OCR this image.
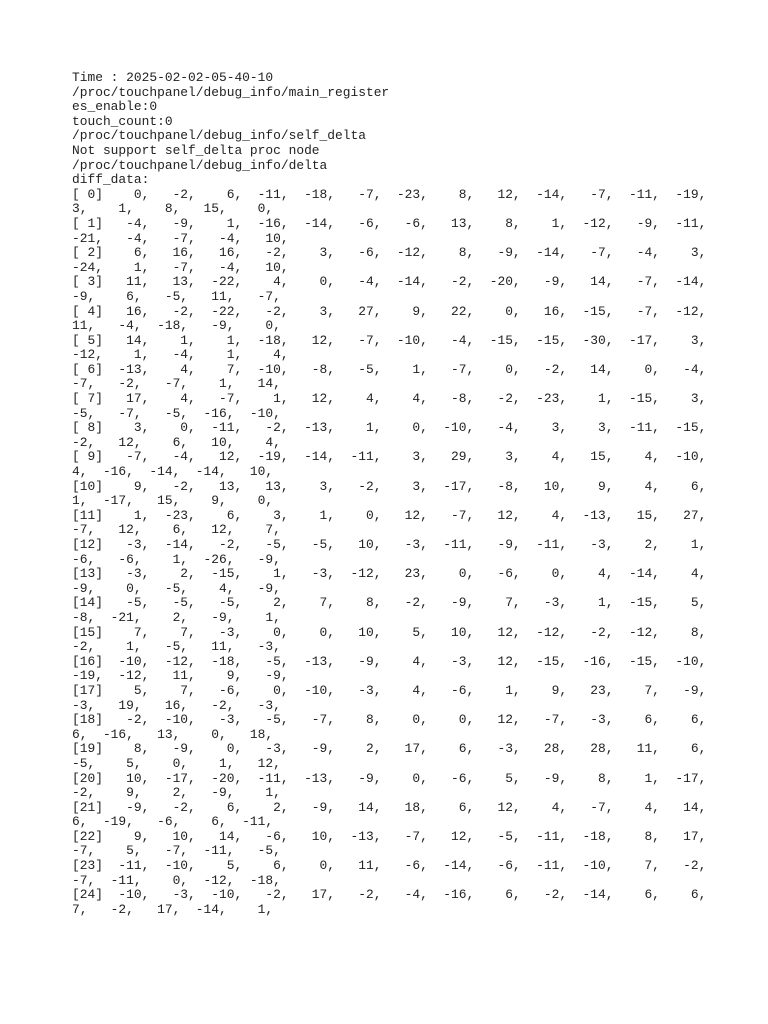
Time : 2025-02-02-05-40-10
/proc/touchpanel/debug_info/main_register
es_enable:0
touch_count:0
/proc/touchpanel/debug_info/self_delta
Not support self_delta proc node
/proc/touchpanel/debug_info/delta
diff_data:
[ 0]    0,   -2,    6,  -11,  -18,   -7,  -23,    8,   12,  -14,   -7,  -11,  -19,
3,    1,    8,   15,    0,
[ 1]   -4,   -9,    1,  -16,  -14,   -6,   -6,   13,    8,    1,  -12,   -9,  -11,
-21,   -4,   -7,   -4,   10,
[ 2]    6,   16,   16,   -2,    3,   -6,  -12,    8,   -9,  -14,   -7,   -4,    3,
-24,    1,   -7,   -4,   10,
[ 3]   11,   13,  -22,    4,    0,   -4,  -14,   -2,  -20,   -9,   14,   -7,  -14,
-9,    6,   -5,   11,   -7,
[ 4]   16,   -2,  -22,   -2,    3,   27,    9,   22,    0,   16,  -15,   -7,  -12,
11,   -4,  -18,   -9,    0,
[ 5]   14,    1,    1,  -18,   12,   -7,  -10,   -4,  -15,  -15,  -30,  -17,    3,
-12,    1,   -4,    1,    4,
[ 6]  -13,    4,    7,  -10,   -8,   -5,    1,   -7,    0,   -2,   14,    0,   -4,
-7,   -2,   -7,    1,   14,
[ 7]   17,    4,   -7,    1,   12,    4,    4,   -8,   -2,  -23,    1,  -15,    3,
-5,   -7,   -5,  -16,  -10,
[ 8]    3,    0,  -11,   -2,  -13,    1,    0,  -10,   -4,    3,    3,  -11,  -15,
-2,   12,    6,   10,    4,
[ 9]   -7,   -4,   12,  -19,  -14,  -11,    3,   29,    3,    4,   15,    4,  -10,
4,  -16,  -14,  -14,   10,
[10]    9,   -2,   13,   13,    3,   -2,    3,  -17,   -8,   10,    9,    4,    6,
1,  -17,   15,    9,    0,
[11]    1,  -23,    6,    3,    1,    0,   12,   -7,   12,    4,  -13,   15,   27,
-7,   12,    6,   12,    7,
[12]   -3,  -14,   -2,   -5,   -5,   10,   -3,  -11,   -9,  -11,   -3,    2,    1,
-6,   -6,    1,  -26,   -9,
[13]   -3,    2,  -15,    1,   -3,  -12,   23,    0,   -6,    0,    4,  -14,    4,
-9,    0,   -5,    4,   -9,
[14]   -5,   -5,   -5,    2,    7,    8,   -2,   -9,    7,   -3,    1,  -15,    5,
-8,  -21,    2,   -9,    1,
[15]    7,    7,   -3,    0,    0,   10,    5,   10,   12,  -12,   -2,  -12,    8,
-2,    1,   -5,   11,   -3,
[16]  -10,  -12,  -18,   -5,  -13,   -9,    4,   -3,   12,  -15,  -16,  -15,  -10,
-19,  -12,   11,    9,   -9,
[17]    5,    7,   -6,    0,  -10,   -3,    4,   -6,    1,    9,   23,    7,   -9,
-3,   19,   16,   -2,   -3,
[18]   -2,  -10,   -3,   -5,   -7,    8,    0,    0,   12,   -7,   -3,    6,    6,
6,  -16,   13,    0,   18,
[19]    8,   -9,    0,   -3,   -9,    2,   17,    6,   -3,   28,   28,   11,    6,
-5,    5,    0,    1,   12,
[20]   10,  -17,  -20,  -11,  -13,   -9,    0,   -6,    5,   -9,    8,    1,  -17,
-2,    9,    2,   -9,    1,
[21]   -9,   -2,    6,    2,   -9,   14,   18,    6,   12,    4,   -7,    4,   14,
6,  -19,   -6,    6,  -11,
[22]    9,   10,   14,   -6,   10,  -13,   -7,   12,   -5,  -11,  -18,    8,   17,
-7,    5,   -7,  -11,   -5,
[23]  -11,  -10,    5,    6,    0,   11,   -6,  -14,   -6,  -11,  -10,    7,   -2,
-7,  -11,    0,  -12,  -18,
[24]  -10,   -3,  -10,   -2,   17,   -2,   -4,  -16,    6,   -2,  -14,    6,    6,
7,   -2,   17,  -14,    1,
